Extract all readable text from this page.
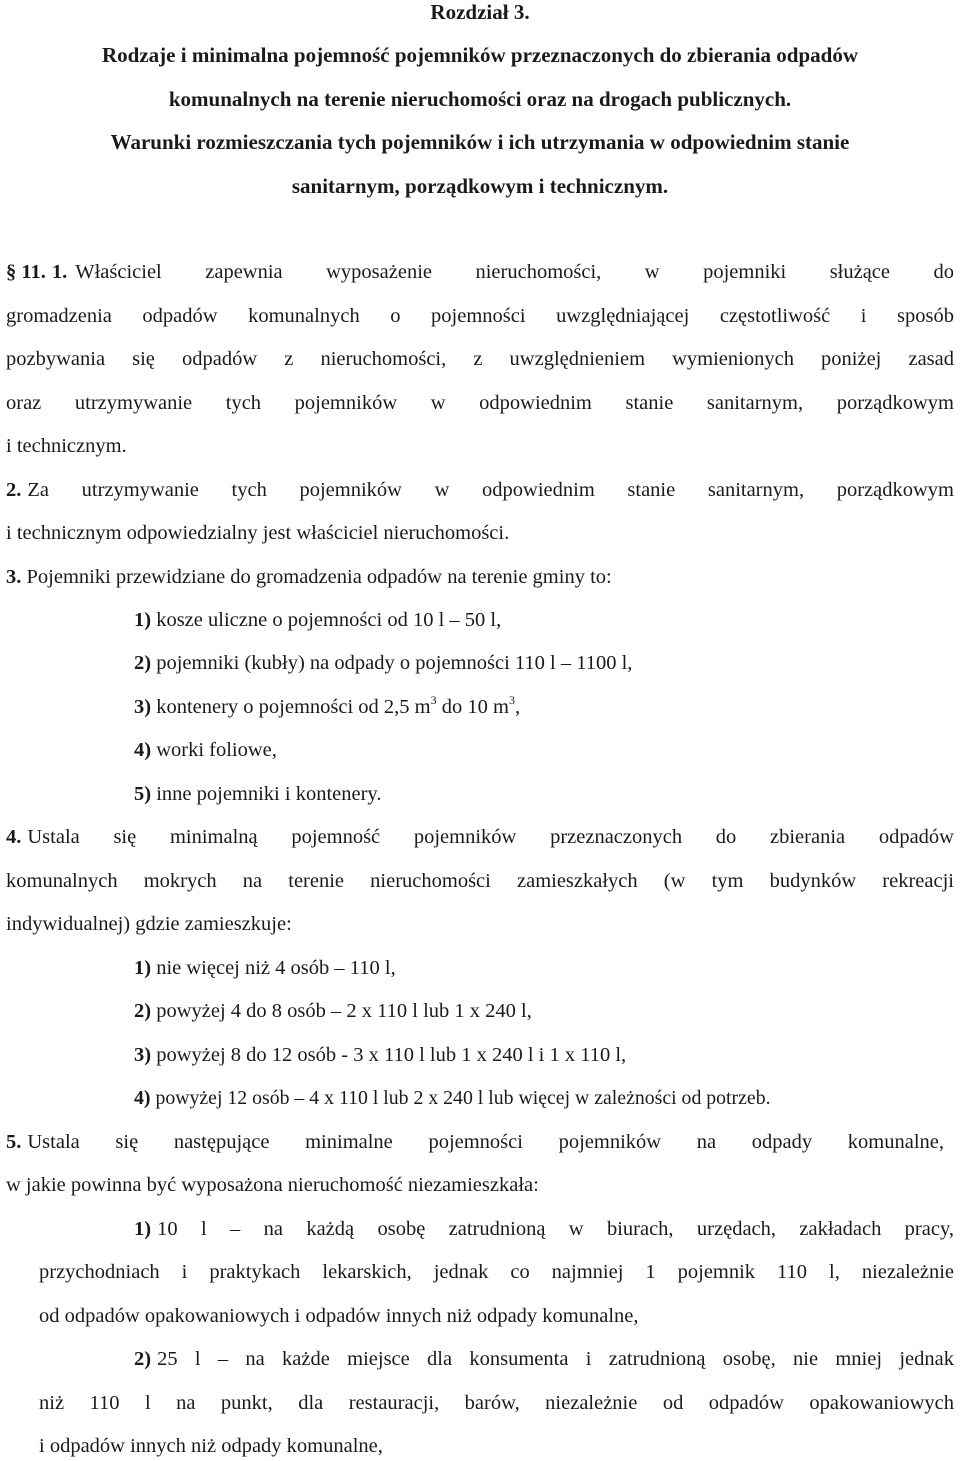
Rozdział 3.
Rodzaje i minimalna pojemność pojemników przeznaczonych do zbierania odpadów
komunalnych na terenie nieruchomości oraz na drogach publicznych.
Warunki rozmieszczania tych pojemników i ich utrzymania w odpowiednim stanie
sanitarnym, porządkowym i technicznym.
§ 11. 1. Właściciel zapewnia wyposażenie nieruchomości, w pojemniki służące do
gromadzenia odpadów komunalnych o pojemności uwzględniającej częstotliwość i sposób
pozbywania się odpadów z nieruchomości, z uwzględnieniem wymienionych poniżej zasad
oraz utrzymywanie tych pojemników w odpowiednim stanie sanitarnym, porządkowym
i technicznym.
2. Za utrzymywanie tych pojemników w odpowiednim stanie sanitarnym, porządkowym
i technicznym odpowiedzialny jest właściciel nieruchomości.
3. Pojemniki przewidziane do gromadzenia odpadów na terenie gminy to:
1) kosze uliczne o pojemności od 10 l – 50 l,
2) pojemniki (kubły) na odpady o pojemności 110 l – 1100 l,
3) kontenery o pojemności od 2,5 $m^3$ do 10 $m^3$,
4) worki foliowe,
5) inne pojemniki i kontenery.
4. Ustala się minimalną pojemność pojemników przeznaczonych do zbierania odpadów
komunalnych mokrych na terenie nieruchomości zamieszkałych (w tym budynków rekreacji
indywidualnej) gdzie zamieszkuje:
1) nie więcej niż 4 osób – 110 l,
2) powyżej 4 do 8 osób – 2 x 110 l lub 1 x 240 l,
3) powyżej 8 do 12 osób - 3 x 110 l lub 1 x 240 l i 1 x 110 l,
4) powyżej 12 osób – 4 x 110 l lub 2 x 240 l lub więcej w zależności od potrzeb.
5. Ustala się następujące minimalne pojemności pojemników na odpady komunalne,
w jakie powinna być wyposażona nieruchomość niezamieszkała:
1) 10 l – na każdą osobę zatrudnioną w biurach, urzędach, zakładach pracy,
przychodniach i praktykach lekarskich, jednak co najmniej 1 pojemnik 110 l, niezależnie
od odpadów opakowaniowych i odpadów innych niż odpady komunalne,
2) 25 l – na każde miejsce dla konsumenta i zatrudnioną osobę, nie mniej jednak
niż 110 l na punkt, dla restauracji, barów, niezależnie od odpadów opakowaniowych
i odpadów innych niż odpady komunalne,
